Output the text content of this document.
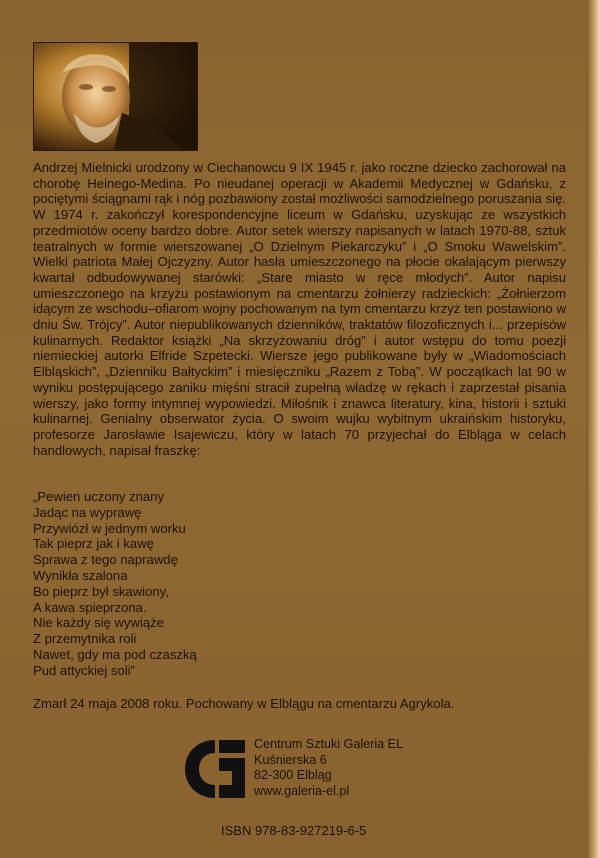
Andrzej Mielnicki urodzony w Ciechanowcu 9 IX 1945 r. jako roczne dziecko zachorował na chorobę Heinego-Medina. Po nieudanej operacji w Akademii Medycznej w Gdańsku, z pociętymi ściągnami rąk i nóg pozbawiony został możliwości samodzielnego poruszania się. W 1974 r. zakończył korespondencyjne liceum w Gdańsku, uzyskując ze wszystkich przedmiotów oceny bardzo dobre. Autor setek wierszy napisanych w latach 1970-88, sztuk teatralnych w formie wierszowanej „O Dzielnym Piekarczyku” i „O Smoku Wawelskim”. Wielki patriota Małej Ojczyzny. Autor hasła umieszczonego na płocie okalającym pierwszy kwartał odbudowywanej starówki: „Stare miasto w ręce młodych”. Autor napisu umieszczonego na krzyżu postawionym na cmentarzu żołnierzy radzieckich: „Żołnierzom idącym ze wschodu–ofiarom wojny pochowanym na tym cmentarzu krzyż ten postawiono w dniu Św. Trójcy”. Autor niepublikowanych dzienników, traktatów filozoficznych i... przepisów kulinarnych. Redaktor książki „Na skrzyżowaniu dróg” i autor wstępu do tomu poezji niemieckiej autorki Elfride Szpetecki. Wiersze jego publikowane były w „Wiadomościach Elbląskich”, „Dzienniku Bałtyckim” i miesięczniku „Razem z Tobą”. W początkach lat 90 w wyniku postępującego zaniku mięśni stracił zupełną władzę w rękach i zaprzestał pisania wierszy, jako formy intymnej wypowiedzi. Miłośnik i znawca literatury, kina, historii i sztuki kulinarnej. Genialny obserwator życia. O swoim wujku wybitnym ukraińskim historyku, profesorze Jarosławie Isajewiczu, który w latach 70 przyjechał do Elbląga w celach handlowych, napisał fraszkę:

„Pewien uczony znany
Jadąc na wyprawę
Przywiózł w jednym worku
Tak pieprz jak i kawę
Sprawa z tego naprawdę
Wynikła szalona
Bo pieprz był skawiony,
A kawa spieprzona.
Nie każdy się wywiąże
Z przemytnika roli
Nawet, gdy ma pod czaszką
Pud attyckiej soli”

Zmarł 24 maja 2008 roku. Pochowany w Elblągu na cmentarzu Agrykola.

Centrum Sztuki Galeria EL
Kuśnierska 6
82-300 Elbląg
www.galeria-el.pl
ISBN 978-83-927219-6-5
